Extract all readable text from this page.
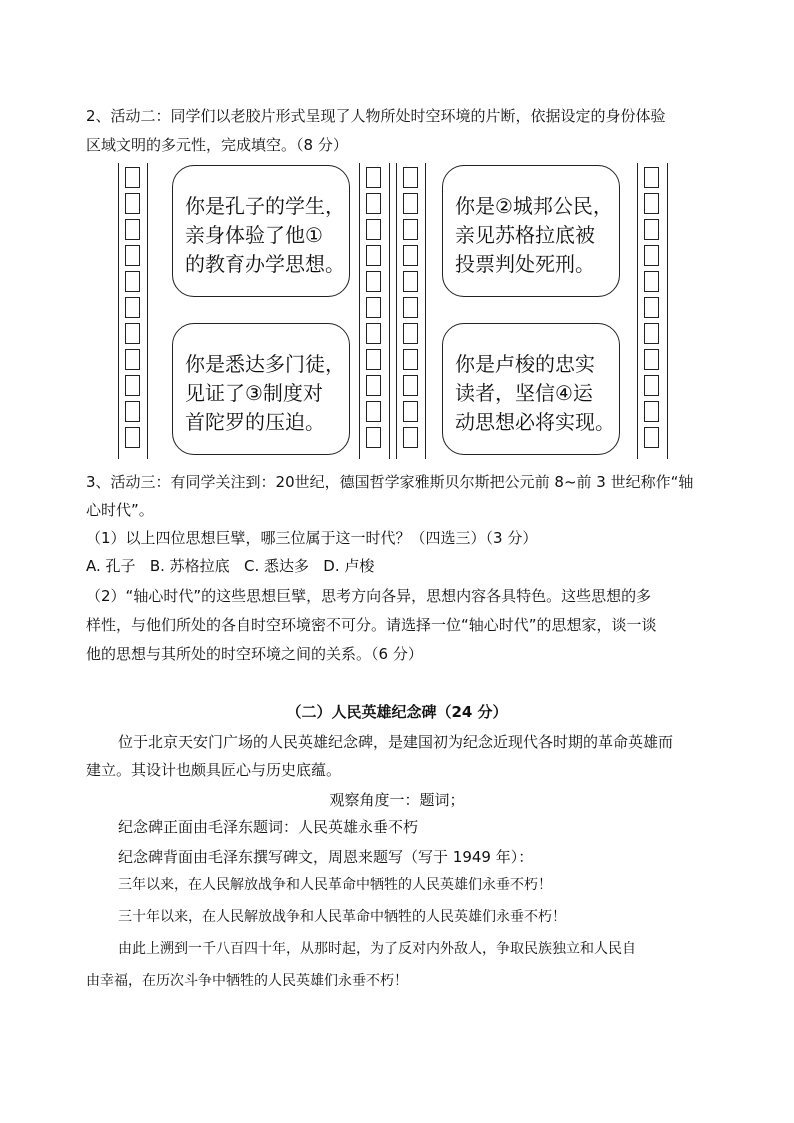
2、活动二：同学们以老胶片形式呈现了人物所处时空环境的片断，依据设定的身份体验
区域文明的多元性，完成填空。（8 分）
你是孔子的学生，
亲身体验了他①
的教育办学思想。
你是悉达多门徒，
见证了③制度对
首陀罗的压迫。
你是②城邦公民，
亲见苏格拉底被
投票判处死刑。
你是卢梭的忠实
读者，坚信④运
动思想必将实现。
3、活动三：有同学关注到：20世纪，德国哲学家雅斯贝尔斯把公元前 8~前 3 世纪称作“轴
心时代”。
（1）以上四位思想巨擘，哪三位属于这一时代？（四选三）（3 分）
A. 孔子   B. 苏格拉底   C. 悉达多   D. 卢梭
（2）“轴心时代”的这些思想巨擘，思考方向各异，思想内容各具特色。这些思想的多
样性，与他们所处的各自时空环境密不可分。请选择一位“轴心时代”的思想家，谈一谈
他的思想与其所处的时空环境之间的关系。（6 分）
（二）人民英雄纪念碑（24 分）
位于北京天安门广场的人民英雄纪念碑，是建国初为纪念近现代各时期的革命英雄而
建立。其设计也颇具匠心与历史底蕴。
观察角度一：题词；
纪念碑正面由毛泽东题词：人民英雄永垂不朽
纪念碑背面由毛泽东撰写碑文，周恩来题写（写于 1949 年）：
三年以来，在人民解放战争和人民革命中牺牲的人民英雄们永垂不朽！
三十年以来，在人民解放战争和人民革命中牺牲的人民英雄们永垂不朽！
由此上溯到一千八百四十年，从那时起，为了反对内外敌人，争取民族独立和人民自
由幸福，在历次斗争中牺牲的人民英雄们永垂不朽！
